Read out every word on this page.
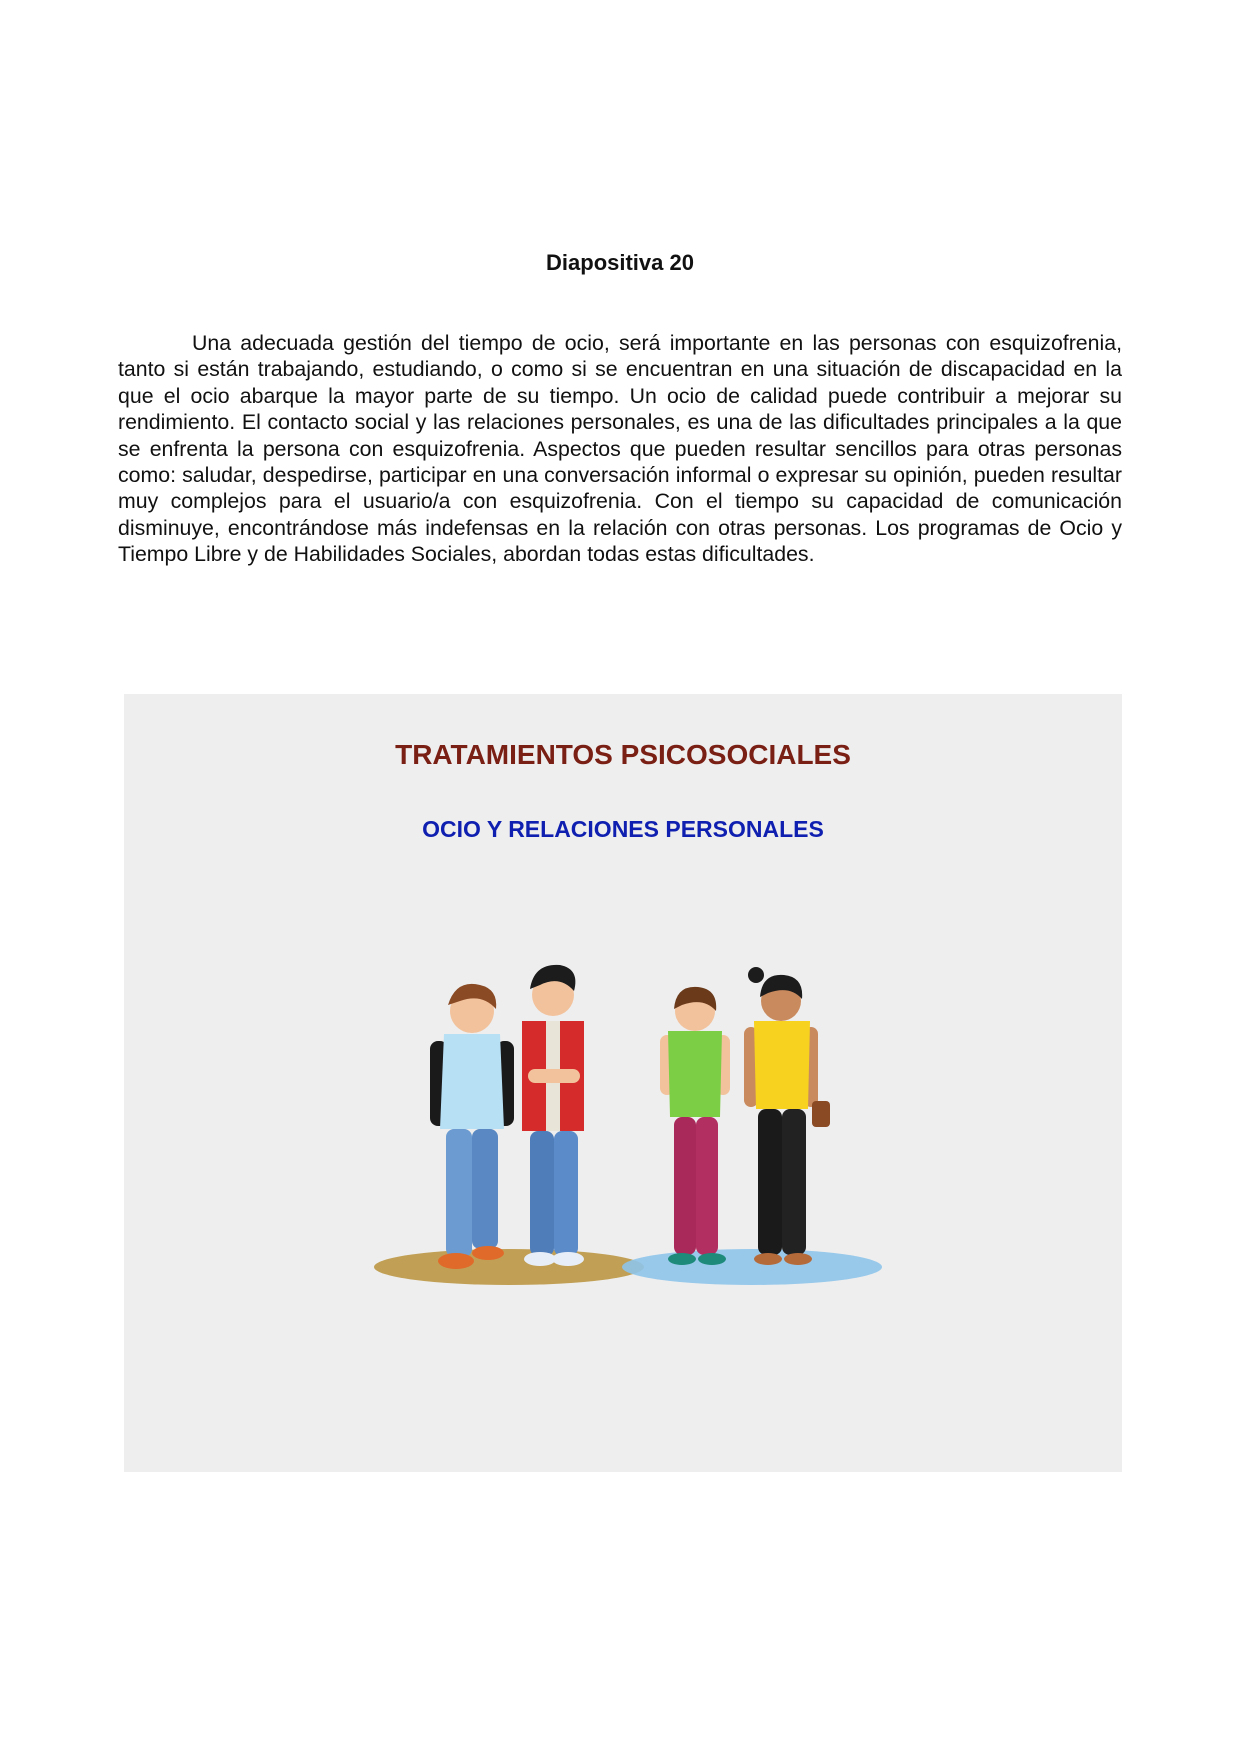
Diapositiva 20

Una adecuada gestión del tiempo de ocio, será importante en las personas con esquizofrenia, tanto si están trabajando, estudiando, o como si se encuentran en una situación de discapacidad en la que el ocio abarque la mayor parte de su tiempo. Un ocio de calidad puede contribuir a mejorar su rendimiento. El contacto social y las relaciones personales, es una de las dificultades principales a la que se enfrenta la persona con esquizofrenia. Aspectos que pueden resultar sencillos para otras personas como: saludar, despedirse, participar en una conversación informal o expresar su opinión, pueden resultar muy complejos para el usuario/a con esquizofrenia. Con el tiempo su capacidad de comunicación disminuye, encontrándose más indefensas en la relación con otras personas. Los programas de Ocio y Tiempo Libre y de Habilidades Sociales, abordan todas estas dificultades.

TRATAMIENTOS PSICOSOCIALES
OCIO Y RELACIONES PERSONALES
